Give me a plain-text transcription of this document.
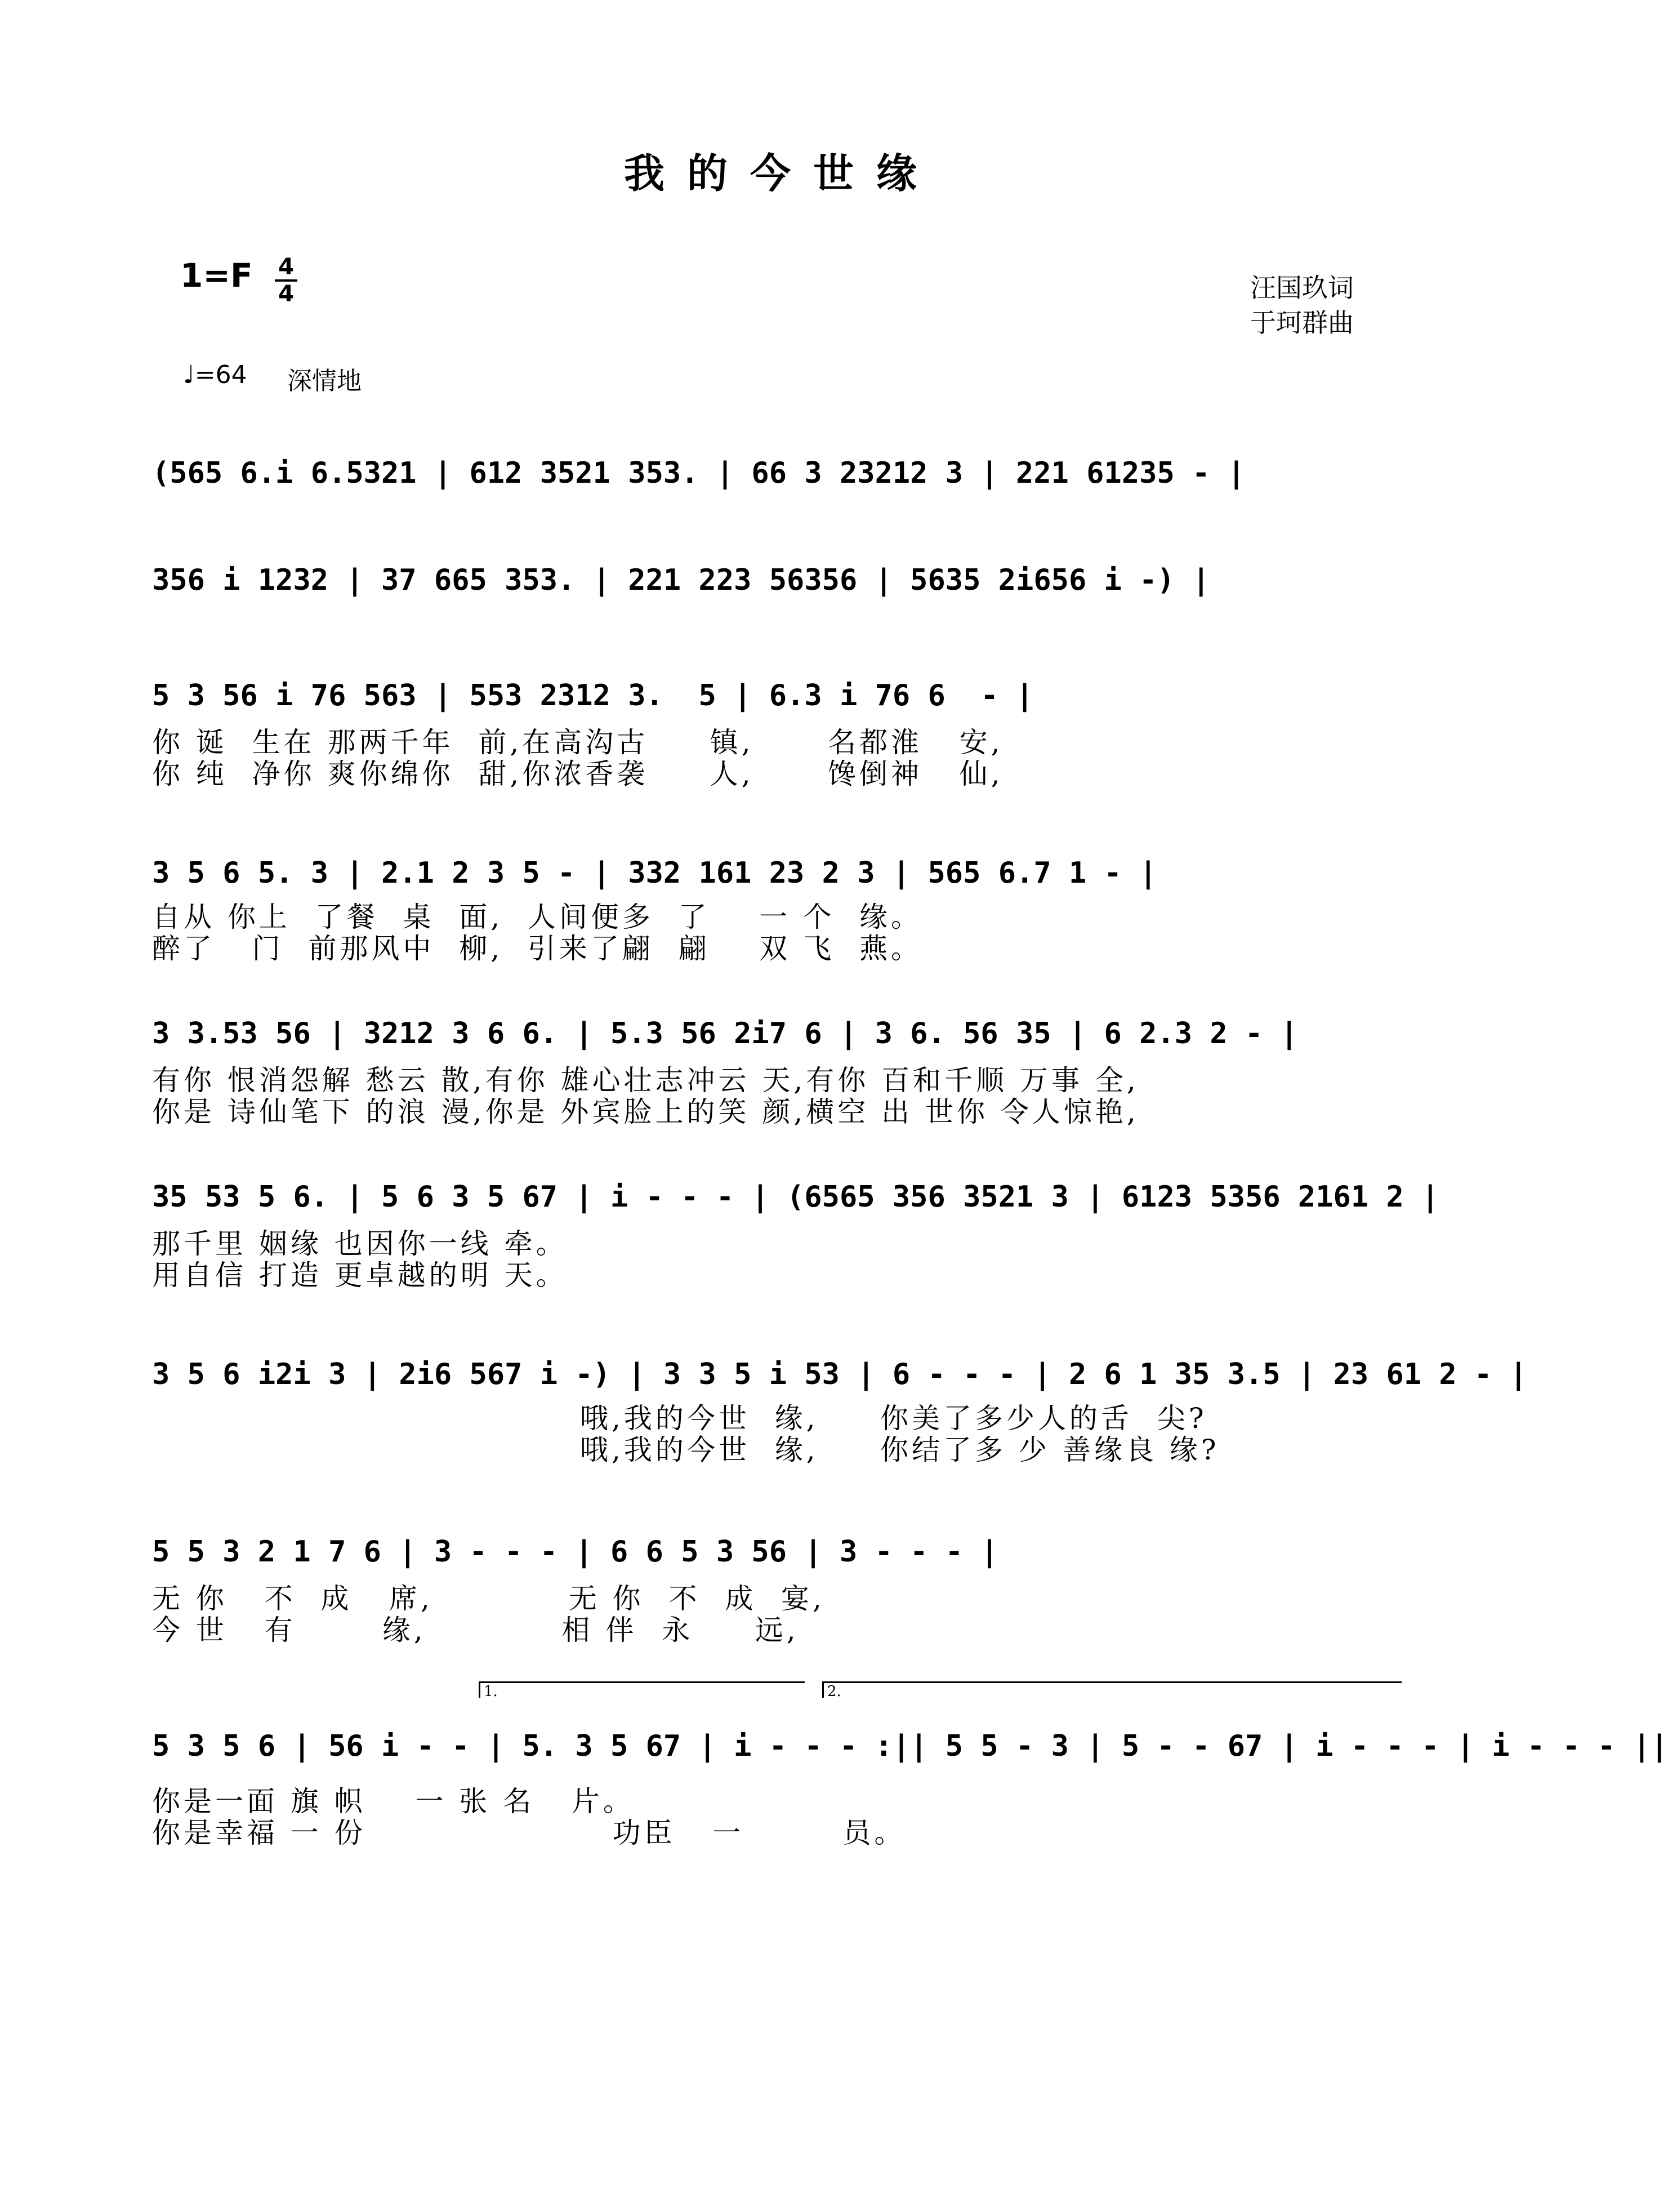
我的今世缘
1=F 4
4	汪国玖词
于珂群曲
♩=64 深情地
(565 6.i 6.5321 | 612 3521 353. | 66 3 23212 3 | 221 61235 - |
356 i 1232 | 37 665 353. | 221 223 56356 | 5635 2i656 i -) |
5 3 56 i 76 563 | 553 2312 3.  5 | 6.3 i 76 6  - |
你 诞  生在 那两千年  前,在高沟古     镇,      名都淮   安,
你 纯  净你 爽你绵你  甜,你浓香袭     人,      馋倒神   仙,
3 5 6 5. 3 | 2.1 2 3 5 - | 332 161 23 2 3 | 565 6.7 1 - |
自从 你上  了餐  桌  面,  人间便多  了    一 个  缘。
醉了   门  前那风中  柳,  引来了翩  翩    双 飞  燕。
3 3.53 56 | 3212 3 6 6. | 5.3 56 2i7 6 | 3 6. 56 35 | 6 2.3 2 - |
有你 恨消怨解 愁云 散,有你 雄心壮志冲云 天,有你 百和千顺 万事 全,
你是 诗仙笔下 的浪 漫,你是 外宾脸上的笑 颜,横空 出 世你 令人惊艳,
35 53 5 6. | 5 6 3 5 67 | i - - - | (6565 356 3521 3 | 6123 5356 2161 2 |
那千里 姻缘 也因你一线 牵。
用自信 打造 更卓越的明 天。
3 5 6 i2i 3 | 2i6 567 i -) | 3 3 5 i 53 | 6 - - - | 2 6 1 35 3.5 | 23 61 2 - |
哦,我的今世  缘,     你美了多少人的舌  尖?
哦,我的今世  缘,     你结了多 少 善缘良 缘?
5 5 3 2 1 7 6 | 3 - - - | 6 6 5 3 56 | 3 - - - |
无 你   不  成   席,           无 你  不  成  宴,
今 世   有       缘,           相 伴  永     远,
1.	2.
5 3 5 6 | 56 i - - | 5. 3 5 67 | i - - - :|| 5 5 - 3 | 5 - - 67 | i - - - | i - - - ||
你是一面 旗 帜    一 张 名   片。
你是幸福 一 份                    功臣   一        员。
